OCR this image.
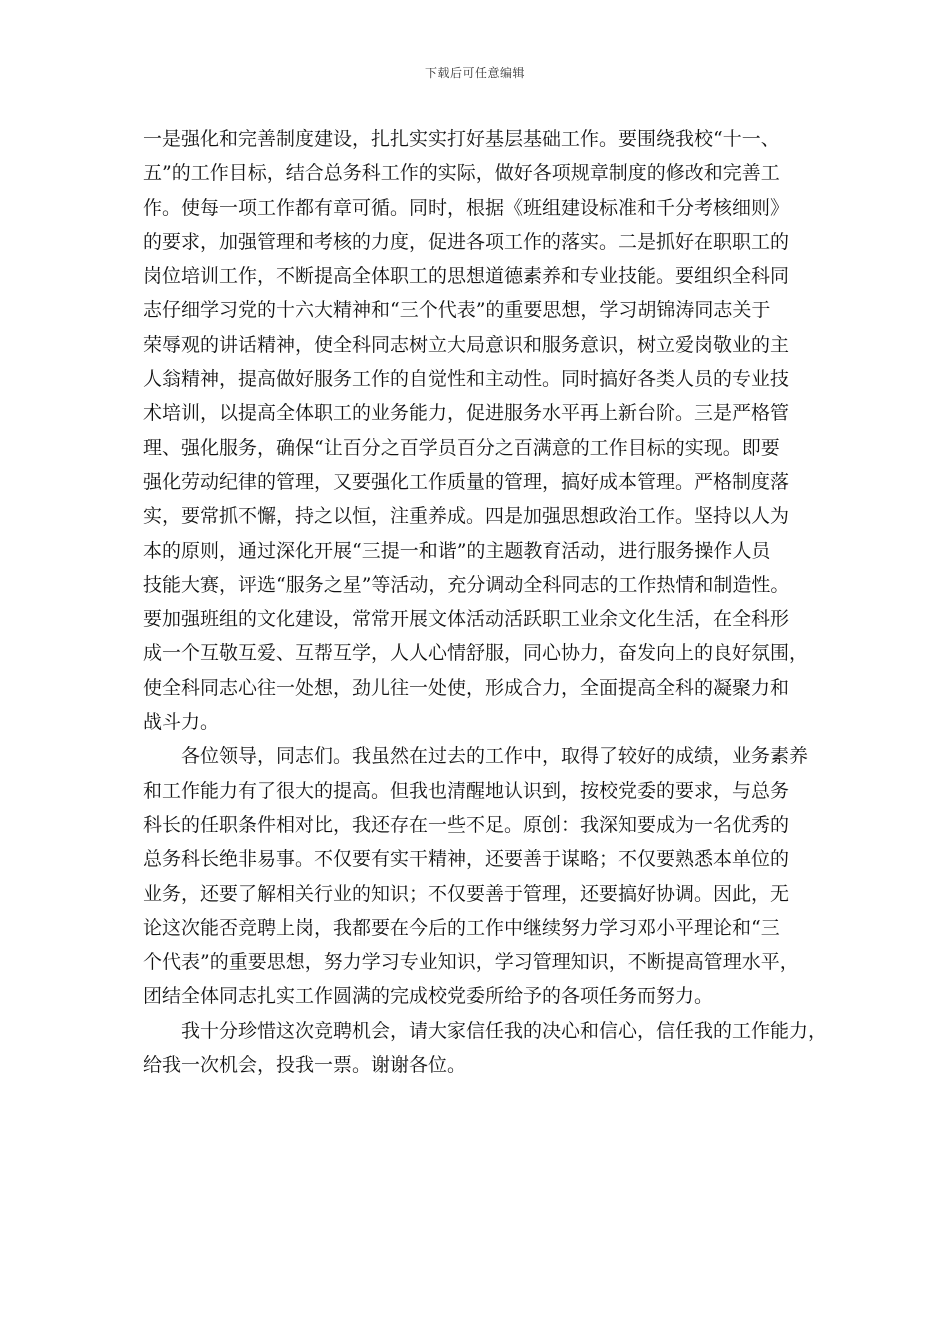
下载后可任意编辑
一是强化和完善制度建设，扎扎实实打好基层基础工作。要围绕我校“十一、
五”的工作目标，结合总务科工作的实际，做好各项规章制度的修改和完善工
作。使每一项工作都有章可循。同时，根据《班组建设标准和千分考核细则》
的要求，加强管理和考核的力度，促进各项工作的落实。二是抓好在职职工的
岗位培训工作，不断提高全体职工的思想道德素养和专业技能。要组织全科同
志仔细学习党的十六大精神和“三个代表”的重要思想，学习胡锦涛同志关于
荣辱观的讲话精神，使全科同志树立大局意识和服务意识，树立爱岗敬业的主
人翁精神，提高做好服务工作的自觉性和主动性。同时搞好各类人员的专业技
术培训，以提高全体职工的业务能力，促进服务水平再上新台阶。三是严格管
理、强化服务，确保“让百分之百学员百分之百满意的工作目标的实现。即要
强化劳动纪律的管理，又要强化工作质量的管理，搞好成本管理。严格制度落
实，要常抓不懈，持之以恒，注重养成。四是加强思想政治工作。坚持以人为
本的原则，通过深化开展“三提一和谐”的主题教育活动，进行服务操作人员
技能大赛，评选“服务之星”等活动，充分调动全科同志的工作热情和制造性。
要加强班组的文化建设，常常开展文体活动活跃职工业余文化生活，在全科形
成一个互敬互爱、互帮互学，人人心情舒服，同心协力，奋发向上的良好氛围，
使全科同志心往一处想，劲儿往一处使，形成合力，全面提高全科的凝聚力和
战斗力。
　　各位领导，同志们。我虽然在过去的工作中，取得了较好的成绩，业务素养
和工作能力有了很大的提高。但我也清醒地认识到，按校党委的要求，与总务
科长的任职条件相对比，我还存在一些不足。原创：我深知要成为一名优秀的
总务科长绝非易事。不仅要有实干精神，还要善于谋略；不仅要熟悉本单位的
业务，还要了解相关行业的知识；不仅要善于管理，还要搞好协调。因此，无
论这次能否竞聘上岗，我都要在今后的工作中继续努力学习邓小平理论和“三
个代表”的重要思想，努力学习专业知识，学习管理知识，不断提高管理水平，
团结全体同志扎实工作圆满的完成校党委所给予的各项任务而努力。
　　我十分珍惜这次竞聘机会，请大家信任我的决心和信心，信任我的工作能力，
给我一次机会，投我一票。谢谢各位。
